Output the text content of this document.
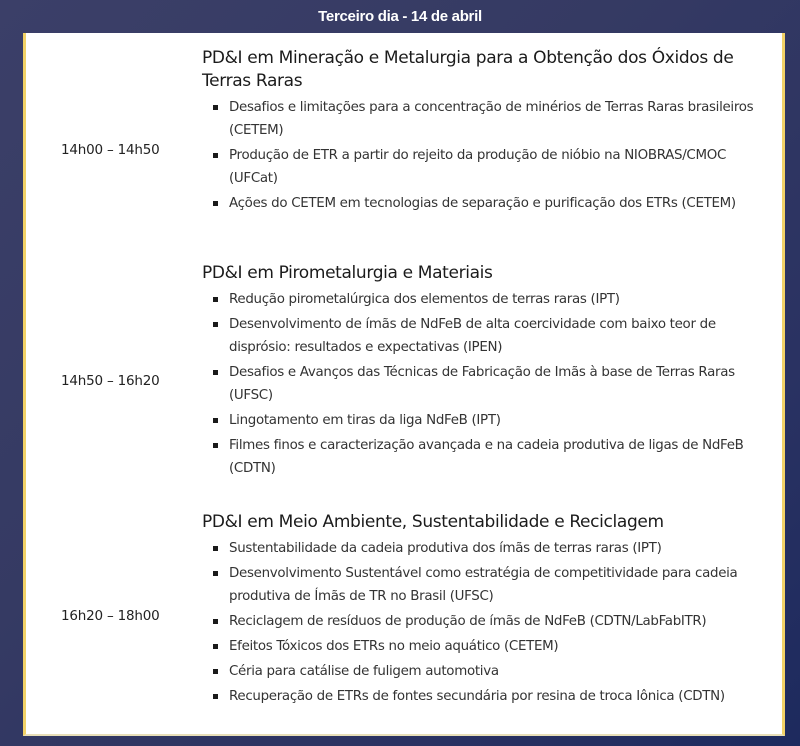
Terceiro dia - 14 de abril
14h00 – 14h50
PD&I em Mineração e Metalurgia para a Obtenção dos Óxidos de Terras Raras
Desafios e limitações para a concentração de minérios de Terras Raras brasileiros (CETEM)
Produção de ETR a partir do rejeito da produção de nióbio na NIOBRAS/CMOC (UFCat)
Ações do CETEM em tecnologias de separação e purificação dos ETRs (CETEM)
14h50 – 16h20
PD&I em Pirometalurgia e Materiais
Redução pirometalúrgica dos elementos de terras raras (IPT)
Desenvolvimento de ímãs de NdFeB de alta coercividade com baixo teor de disprósio: resultados e expectativas (IPEN)
Desafios e Avanços das Técnicas de Fabricação de Imãs à base de Terras Raras (UFSC)
Lingotamento em tiras da liga NdFeB (IPT)
Filmes finos e caracterização avançada e na cadeia produtiva de ligas de NdFeB (CDTN)
16h20 – 18h00
PD&I em Meio Ambiente, Sustentabilidade e Reciclagem
Sustentabilidade da cadeia produtiva dos ímãs de terras raras (IPT)
Desenvolvimento Sustentável como estratégia de competitividade para cadeia produtiva de Ímãs de TR no Brasil (UFSC)
Reciclagem de resíduos de produção de ímãs de NdFeB (CDTN/LabFabITR)
Efeitos Tóxicos dos ETRs no meio aquático (CETEM)
Céria para catálise de fuligem automotiva
Recuperação de ETRs de fontes secundária por resina de troca Iônica (CDTN)
